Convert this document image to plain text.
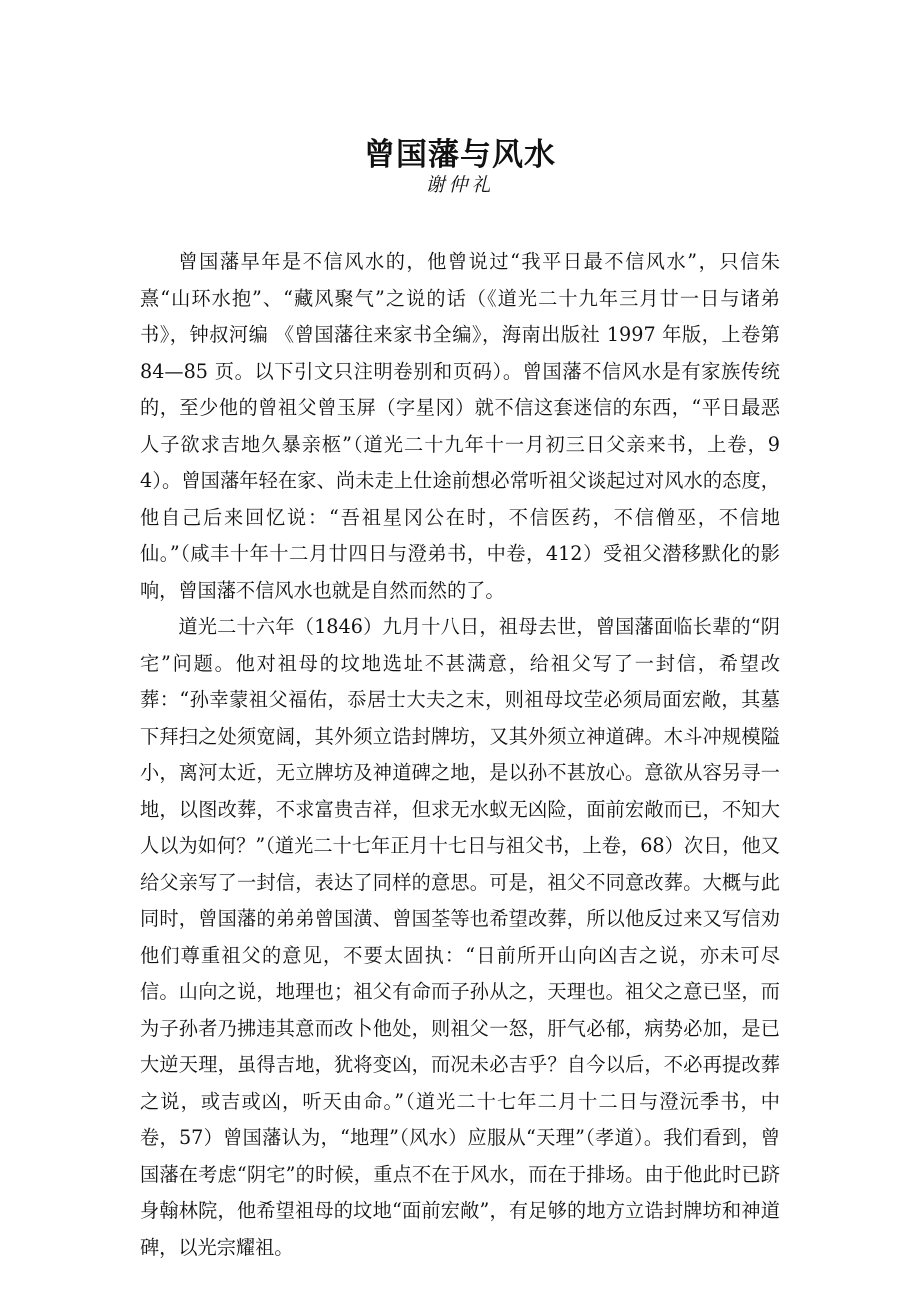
曾国藩与风水
谢仲礼

曾国藩早年是不信风水的，他曾说过“我平日最不信风水”，只信朱熹“山环水抱”、“藏风聚气”之说的话（《道光二十九年三月廿一日与诸弟书》，钟叔河编 《曾国藩往来家书全编》，海南出版社 1997 年版，上卷第 84—85 页。以下引文只注明卷别和页码）。曾国藩不信风水是有家族传统的，至少他的曾祖父曾玉屏（字星冈）就不信这套迷信的东西，“平日最恶人子欲求吉地久暴亲柩”（道光二十九年十一月初三日父亲来书，上卷，94）。曾国藩年轻在家、尚未走上仕途前想必常听祖父谈起过对风水的态度，他自己后来回忆说：“吾祖星冈公在时，不信医药，不信僧巫，不信地仙。”（咸丰十年十二月廿四日与澄弟书，中卷，412）受祖父潜移默化的影响，曾国藩不信风水也就是自然而然的了。

道光二十六年（1846）九月十八日，祖母去世，曾国藩面临长辈的“阴宅”问题。他对祖母的坟地选址不甚满意，给祖父写了一封信，希望改葬：“孙幸蒙祖父福佑，忝居士大夫之末，则祖母坟茔必须局面宏敞，其墓下拜扫之处须宽阔，其外须立诰封牌坊，又其外须立神道碑。木斗冲规模隘小，离河太近，无立牌坊及神道碑之地，是以孙不甚放心。意欲从容另寻一地，以图改葬，不求富贵吉祥，但求无水蚁无凶险，面前宏敞而已，不知大人以为如何？”（道光二十七年正月十七日与祖父书，上卷，68）次日，他又给父亲写了一封信，表达了同样的意思。可是，祖父不同意改葬。大概与此同时，曾国藩的弟弟曾国潢、曾国荃等也希望改葬，所以他反过来又写信劝他们尊重祖父的意见，不要太固执：“日前所开山向凶吉之说，亦未可尽信。山向之说，地理也；祖父有命而子孙从之，天理也。祖父之意已坚，而为子孙者乃拂违其意而改卜他处，则祖父一怒，肝气必郁，病势必加，是已大逆天理，虽得吉地，犹将变凶，而况未必吉乎？自今以后，不必再提改葬之说，或吉或凶，听天由命。”（道光二十七年二月十二日与澄沅季书，中卷，57）曾国藩认为，“地理”（风水）应服从“天理”（孝道）。我们看到，曾国藩在考虑“阴宅”的时候，重点不在于风水，而在于排场。由于他此时已跻身翰林院，他希望祖母的坟地“面前宏敞”，有足够的地方立诰封牌坊和神道碑，以光宗耀祖。
